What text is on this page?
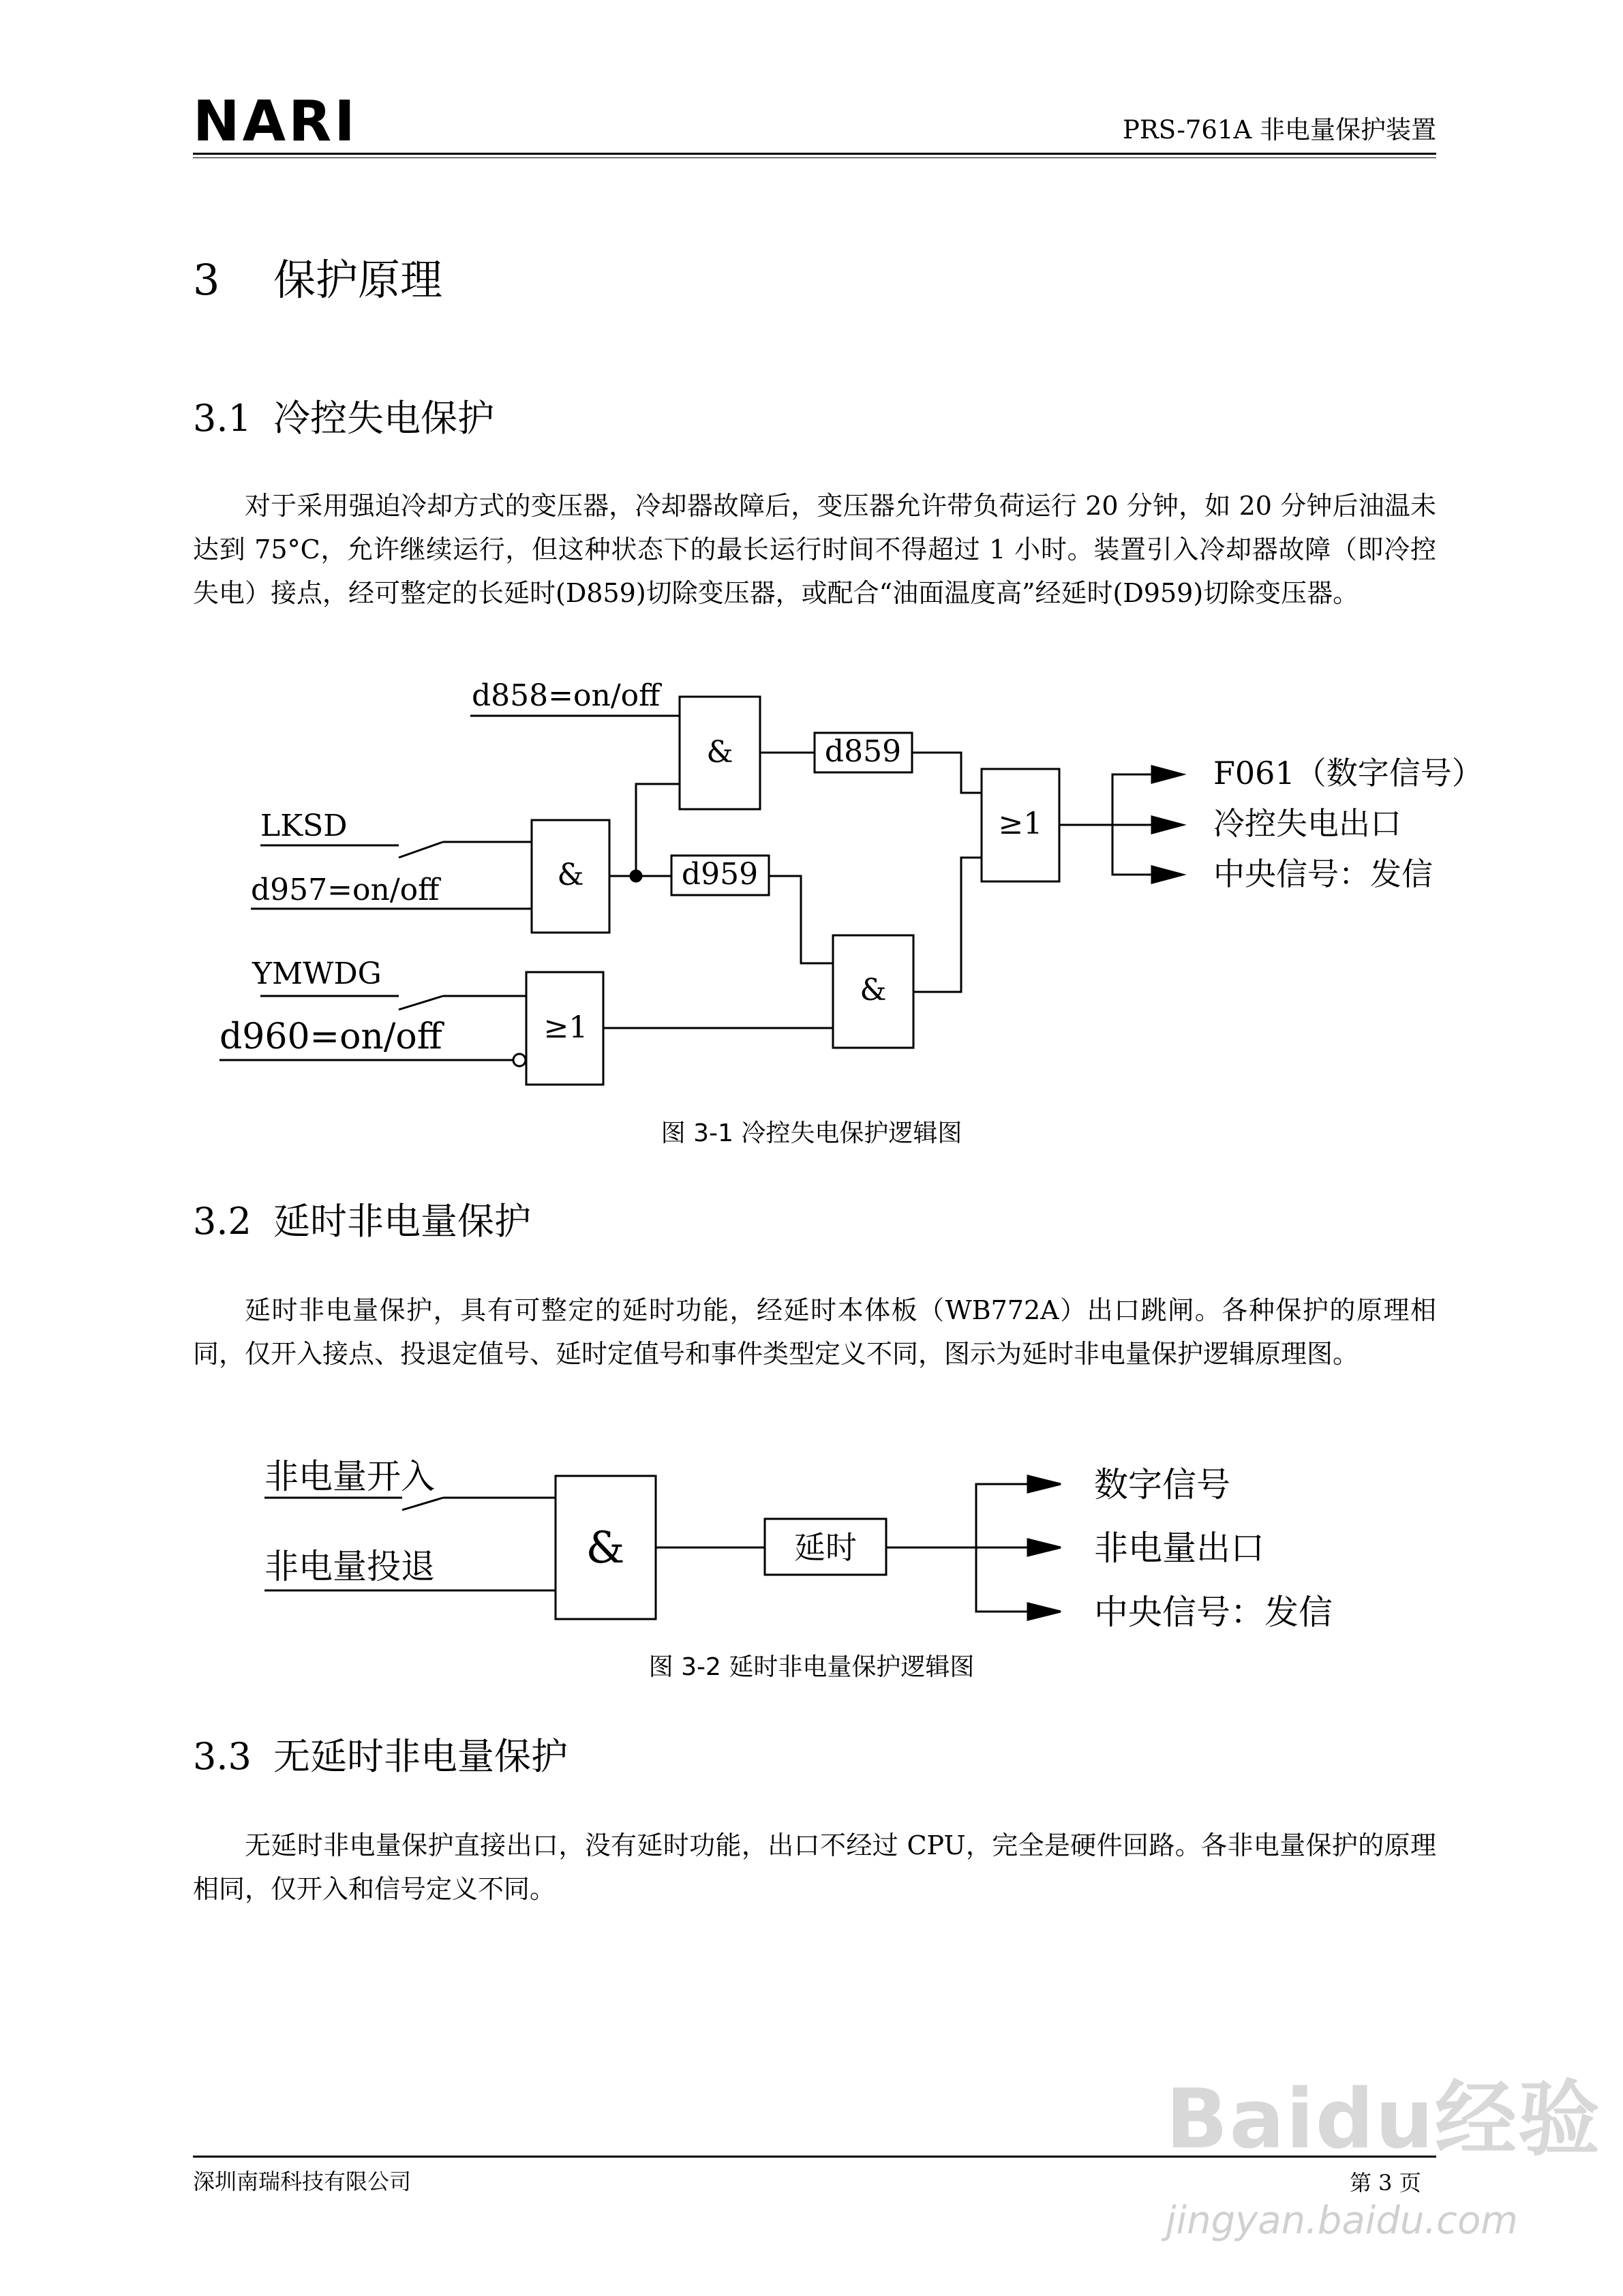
NARI	PRS-761A 非电量保护装置
3 保护原理
3.1 冷控失电保护

对于采用强迫冷却方式的变压器，冷却器故障后，变压器允许带负荷运行 20 分钟，如 20 分钟后油温未达到 75°C，允许继续运行，但这种状态下的最长运行时间不得超过 1 小时。装置引入冷却器故障（即冷控失电）接点，经可整定的长延时(D859)切除变压器，或配合“油面温度高”经延时(D959)切除变压器。

d858=on/off
LKSD
d957=on/off
YMWDG
d960=on/off
&
&
≥1
&
≥1
d859
d959
F061（数字信号）
冷控失电出口
中央信号：发信
图 3-1 冷控失电保护逻辑图
3.2 延时非电量保护

延时非电量保护，具有可整定的延时功能，经延时本体板（WB772A）出口跳闸。各种保护的原理相同，仅开入接点、投退定值号、延时定值号和事件类型定义不同，图示为延时非电量保护逻辑原理图。

非电量开入
非电量投退	&	延时
数字信号
非电量出口
中央信号：发信
图 3-2 延时非电量保护逻辑图
3.3 无延时非电量保护

无延时非电量保护直接出口，没有延时功能，出口不经过 CPU，完全是硬件回路。各非电量保护的原理相同，仅开入和信号定义不同。

Baidu经验
jingyan.baidu.com
深圳南瑞科技有限公司	第 3 页
